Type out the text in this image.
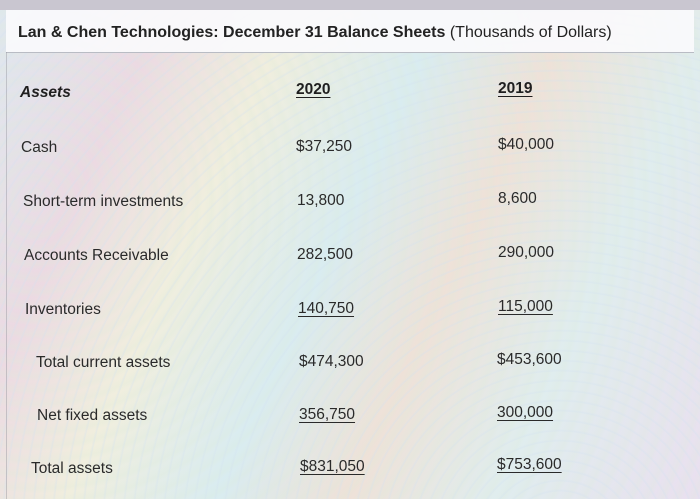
Lan & Chen Technologies: December 31 Balance Sheets (Thousands of Dollars)
Assets	2020	2019
Cash	$37,250	$40,000
Short-term investments	13,800	8,600
Accounts Receivable	282,500	290,000
Inventories	140,750	115,000
Total current assets	$474,300	$453,600
Net fixed assets	356,750	300,000
Total assets	$831,050	$753,600
